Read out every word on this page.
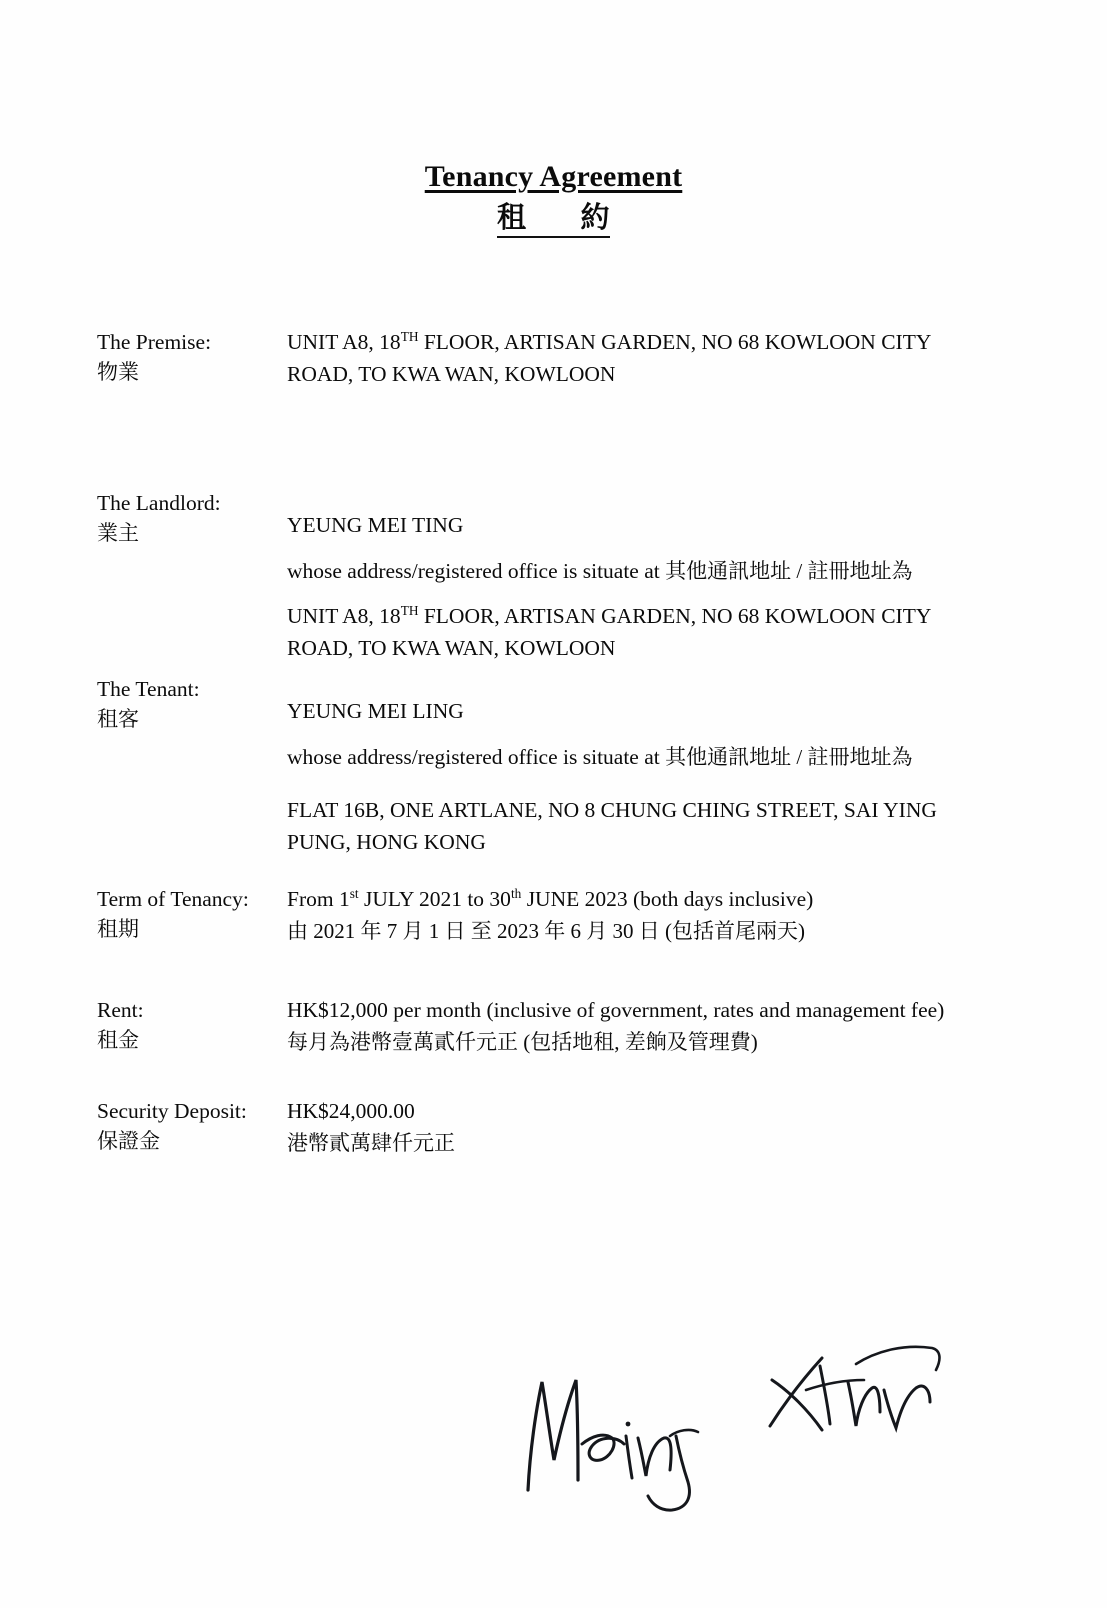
Tenancy Agreement
租 約
The Premise:
物業

UNIT A8, 18TH FLOOR, ARTISAN GARDEN, NO 68 KOWLOON CITY

ROAD, TO KWA WAN, KOWLOON

The Landlord:
業主	YEUNG MEI TING

whose address/registered office is situate at 其他通訊地址 / 註冊地址為

UNIT A8, 18TH FLOOR, ARTISAN GARDEN, NO 68 KOWLOON CITY

ROAD, TO KWA WAN, KOWLOON

The Tenant:
租客	YEUNG MEI LING

whose address/registered office is situate at 其他通訊地址 / 註冊地址為

FLAT 16B, ONE ARTLANE, NO 8 CHUNG CHING STREET, SAI YING

PUNG, HONG KONG

Term of Tenancy:
租期

From 1st JULY 2021 to 30th JUNE 2023 (both days inclusive)

由 2021 年 7 月 1 日 至 2023 年 6 月 30 日 (包括首尾兩天)

Rent:
租金

HK$12,000 per month (inclusive of government, rates and management fee)

每月為港幣壹萬貳仟元正 (包括地租, 差餉及管理費)

Security Deposit:
保證金

HK$24,000.00

港幣貳萬肆仟元正
